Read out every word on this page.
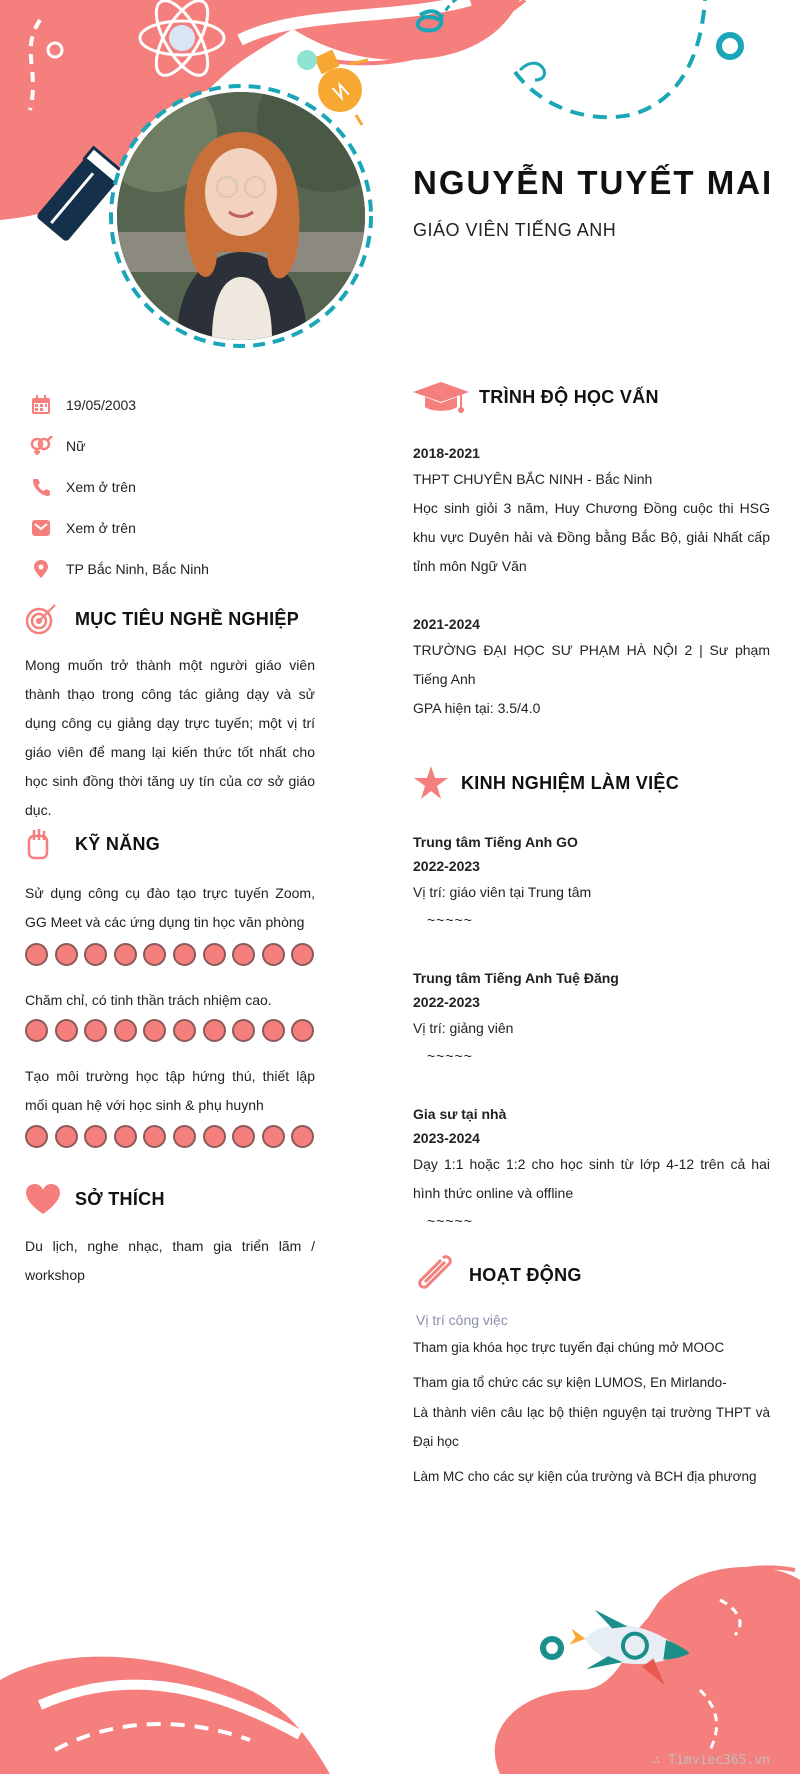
NGUYỄN TUYẾT MAI
GIÁO VIÊN TIẾNG ANH
19/05/2003
Nữ
Xem ở trên
Xem ở trên
TP Bắc Ninh, Bắc Ninh
MỤC TIÊU NGHỀ NGHIỆP
Mong muốn trở thành một người giáo viên thành thạo trong công tác giảng dạy và sử dụng công cụ giảng dạy trực tuyến; một vị trí giáo viên để mang lại kiến thức tốt nhất cho học sinh đồng thời tăng uy tín của cơ sở giáo dục.
KỸ NĂNG
Sử dụng công cụ đào tạo trực tuyến Zoom, GG Meet và các ứng dụng tin học văn phòng
Chăm chỉ, có tinh thần trách nhiệm cao.
Tạo môi trường học tập hứng thú, thiết lập mối quan hệ với học sinh & phụ huynh
SỞ THÍCH
Du lịch, nghe nhạc, tham gia triển lãm / workshop
TRÌNH ĐỘ HỌC VẤN
2018-2021
THPT CHUYÊN BẮC NINH - Bắc Ninh
Học sinh giỏi 3 năm, Huy Chương Đồng cuộc thi HSG khu vực Duyên hải và Đồng bằng Bắc Bộ, giải Nhất cấp tỉnh môn Ngữ Văn
2021-2024
TRƯỜNG ĐẠI HỌC SƯ PHẠM HÀ NỘI 2 | Sư phạm Tiếng Anh
GPA hiện tại: 3.5/4.0
KINH NGHIỆM LÀM VIỆC
Trung tâm Tiếng Anh GO
2022-2023
Vị trí: giáo viên tại Trung tâm
~~~~~
Trung tâm Tiếng Anh Tuệ Đăng
2022-2023
Vị trí: giảng viên
~~~~~
Gia sư tại nhà
2023-2024
Dạy 1:1 hoặc 1:2 cho học sinh từ lớp 4-12 trên cả hai hình thức online và offline
~~~~~
HOẠT ĐỘNG
Vị trí công việc
Tham gia khóa học trực tuyến đại chúng mở MOOC
Tham gia tổ chức các sự kiện LUMOS, En Mirlando-
Là thành viên câu lạc bộ thiện nguyện tại trường THPT và Đại học
Làm MC cho các sự kiện của trường và BCH địa phương
∴ Timviec365.vn
